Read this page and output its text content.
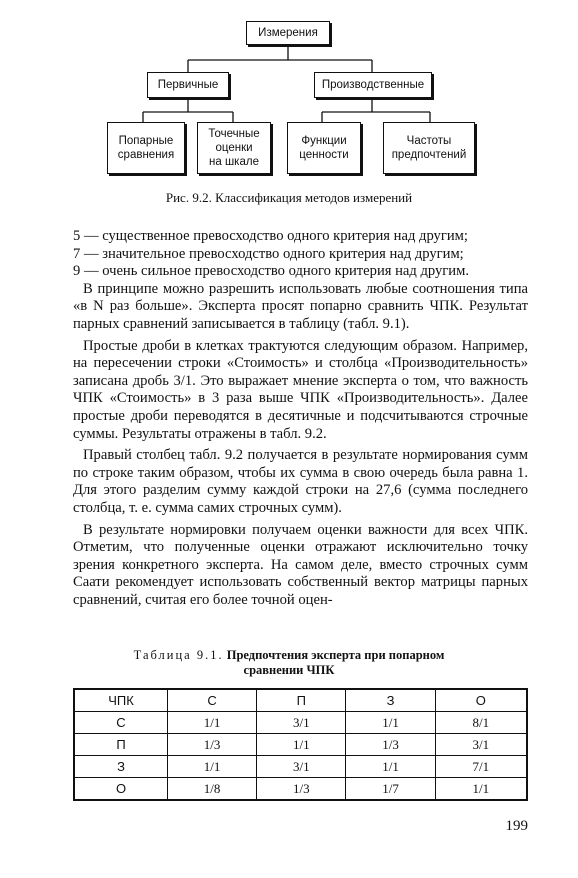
Измерения
Первичные	Производственные
Попарные
сравнения
Точечные
оценки
на шкале
Функции
ценности
Частоты
предпочтений
Рис. 9.2. Классификация методов измерений

5 — существенное превосходство одного критерия над другим;

7 — значительное превосходство одного критерия над другим;

9 — очень сильное превосходство одного критерия над другим.

В принципе можно разрешить использовать любые соотношения типа «в N раз больше». Эксперта просят попарно сравнить ЧПК. Результат парных сравнений записывается в таблицу (табл. 9.1).

Простые дроби в клетках трактуются следующим образом. Например, на пересечении строки «Стоимость» и столбца «Производительность» записана дробь 3/1. Это выражает мнение эксперта о том, что важность ЧПК «Стоимость» в 3 раза выше ЧПК «Производительность». Далее простые дроби переводятся в десятичные и подсчитываются строчные суммы. Результаты отражены в табл. 9.2.

Правый столбец табл. 9.2 получается в результате нормирования сумм по строке таким образом, чтобы их сумма в свою очередь была равна 1. Для этого разделим сумму каждой строки на 27,6 (сумма последнего столбца, т. е. сумма самих строчных сумм).

В результате нормировки получаем оценки важности для всех ЧПК. Отметим, что полученные оценки отражают исключительно точку зрения конкретного эксперта. На самом деле, вместо строчных сумм Саати рекомендует использовать собственный вектор матрицы парных сравнений, считая его более точной оцен-

Таблица 9.1. Предпочтения эксперта при попарном
сравнении ЧПК
ЧПК	С	П	З	О
С	1/1	3/1	1/1	8/1
П	1/3	1/1	1/3	3/1
З	1/1	3/1	1/1	7/1
О	1/8	1/3	1/7	1/1
199
